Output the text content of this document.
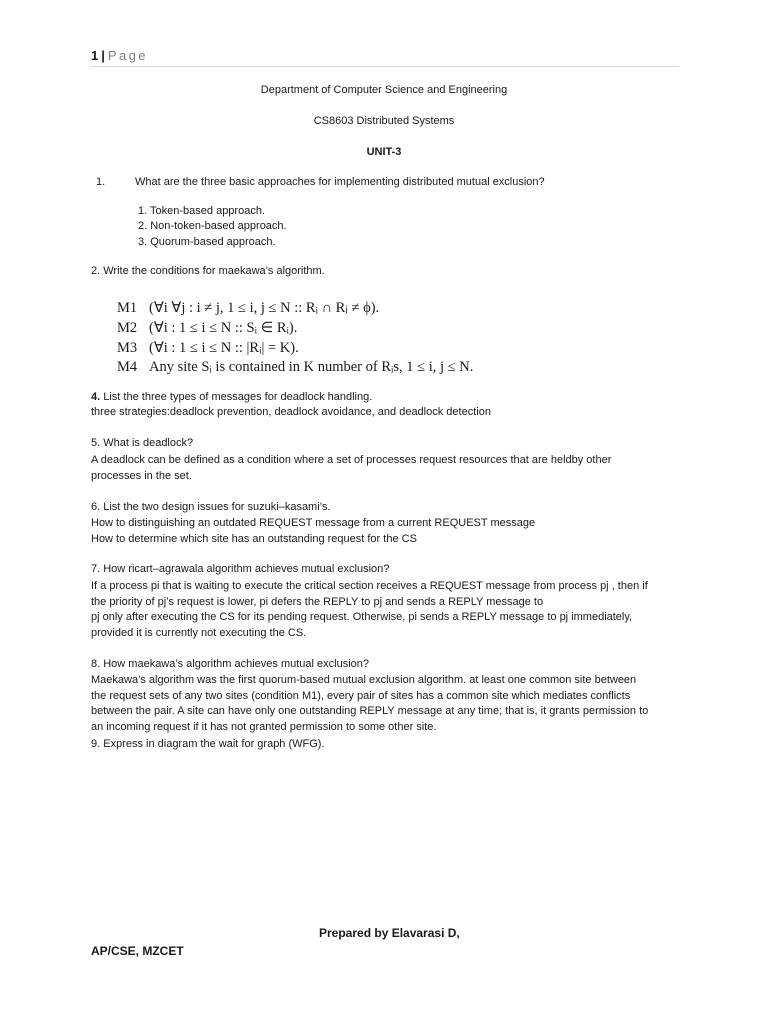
1 | Page
Department of Computer Science and Engineering
CS8603 Distributed Systems
UNIT-3
1.	What are the three basic approaches for implementing distributed mutual exclusion?
1. Token-based approach.
2. Non-token-based approach.
3. Quorum-based approach.
2. Write the conditions for maekawa’s algorithm.
M1 (∀i ∀j : i ≠ j, 1 ≤ i, j ≤ N :: Rᵢ ∩ Rⱼ ≠ ϕ).
M2 (∀i : 1 ≤ i ≤ N :: Sᵢ ∈ Rᵢ).
M3 (∀i : 1 ≤ i ≤ N :: |Rᵢ| = K).
M4 Any site Sᵢ is contained in K number of Rᵢs, 1 ≤ i, j ≤ N.
4. List the three types of messages for deadlock handling.
three strategies:deadlock prevention, deadlock avoidance, and deadlock detection
5. What is deadlock?
A deadlock can be defined as a condition where a set of processes request resources that are heldby other
processes in the set.
6. List the two design issues for suzuki–kasami’s.
How to distinguishing an outdated REQUEST message from a current REQUEST message
How to determine which site has an outstanding request for the CS
7. How ricart–agrawala algorithm achieves mutual exclusion?
If a process pi that is waiting to execute the critical section receives a REQUEST message from process pj , then if
the priority of pj’s request is lower, pi defers the REPLY to pj and sends a REPLY message to
pj only after executing the CS for its pending request. Otherwise, pi sends a REPLY message to pj immediately,
provided it is currently not executing the CS.
8. How maekawa’s algorithm achieves mutual exclusion?
Maekawa’s algorithm was the first quorum-based mutual exclusion algorithm. at least one common site between
the request sets of any two sites (condition M1), every pair of sites has a common site which mediates conflicts
between the pair. A site can have only one outstanding REPLY message at any time; that is, it grants permission to
an incoming request if it has not granted permission to some other site.
9. Express in diagram the wait for graph (WFG).
Prepared by Elavarasi D,
AP/CSE, MZCET
